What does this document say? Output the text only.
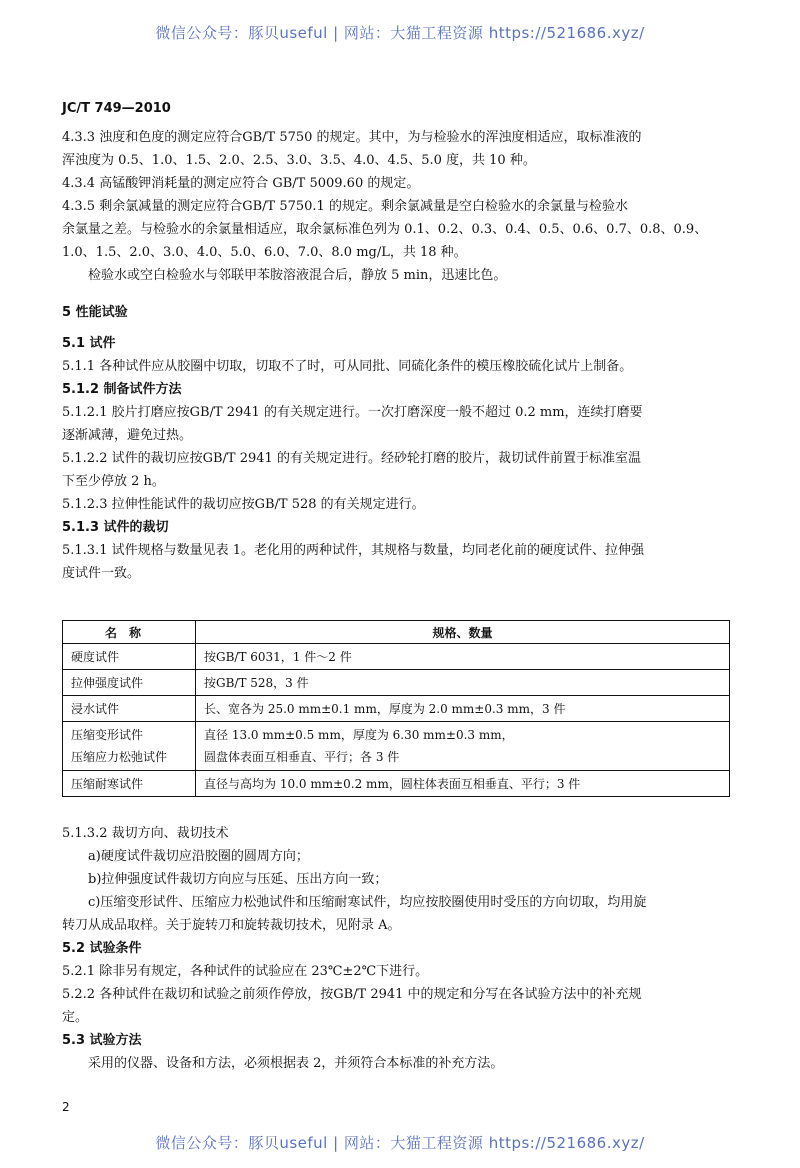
微信公众号：豚贝useful | 网站：大猫工程资源 https://521686.xyz/
JC/T 749—2010

4.3.3 浊度和色度的测定应符合GB/T 5750 的规定。其中，为与检验水的浑浊度相适应，取标准液的

浑浊度为 0.5、1.0、1.5、2.0、2.5、3.0、3.5、4.0、4.5、5.0 度，共 10 种。

4.3.4 高锰酸钾消耗量的测定应符合 GB/T 5009.60 的规定。

4.3.5 剩余氯减量的测定应符合GB/T 5750.1 的规定。剩余氯减量是空白检验水的余氯量与检验水

余氯量之差。与检验水的余氯量相适应，取余氯标准色列为 0.1、0.2、0.3、0.4、0.5、0.6、0.7、0.8、0.9、

1.0、1.5、2.0、3.0、4.0、5.0、6.0、7.0、8.0 mg/L，共 18 种。

检验水或空白检验水与邻联甲苯胺溶液混合后，静放 5 min，迅速比色。

5 性能试验

5.1 试件

5.1.1 各种试件应从胶圈中切取，切取不了时，可从同批、同硫化条件的模压橡胶硫化试片上制备。

5.1.2 制备试件方法

5.1.2.1 胶片打磨应按GB/T 2941 的有关规定进行。一次打磨深度一般不超过 0.2 mm，连续打磨要

逐渐减薄，避免过热。

5.1.2.2 试件的裁切应按GB/T 2941 的有关规定进行。经砂轮打磨的胶片，裁切试件前置于标准室温

下至少停放 2 h。

5.1.2.3 拉伸性能试件的裁切应按GB/T 528 的有关规定进行。

5.1.3 试件的裁切

5.1.3.1 试件规格与数量见表 1。老化用的两种试件，其规格与数量，均同老化前的硬度试件、拉伸强

度试件一致。

名称	规格、数量
硬度试件	按GB/T 6031，1 件～2 件
拉伸强度试件	按GB/T 528，3 件
浸水试件	长、宽各为 25.0 mm±0.1 mm，厚度为 2.0 mm±0.3 mm，3 件

压缩变形试件
压缩应力松弛试件	直径 13.0 mm±0.5 mm，厚度为 6.30 mm±0.3 mm，
圆盘体表面互相垂直、平行；各 3 件

压缩耐寒试件	直径与高均为 10.0 mm±0.2 mm，圆柱体表面互相垂直、平行；3 件

5.1.3.2 裁切方向、裁切技术

a)硬度试件裁切应沿胶圈的圆周方向；

b)拉伸强度试件裁切方向应与压延、压出方向一致；

c)压缩变形试件、压缩应力松弛试件和压缩耐寒试件，均应按胶圈使用时受压的方向切取，均用旋

转刀从成品取样。关于旋转刀和旋转裁切技术，见附录 A。

5.2 试验条件

5.2.1 除非另有规定，各种试件的试验应在 23℃±2℃下进行。

5.2.2 各种试件在裁切和试验之前须作停放，按GB/T 2941 中的规定和分写在各试验方法中的补充规

定。

5.3 试验方法

采用的仪器、设备和方法，必须根据表 2，并须符合本标准的补充方法。

2
微信公众号：豚贝useful | 网站：大猫工程资源 https://521686.xyz/
